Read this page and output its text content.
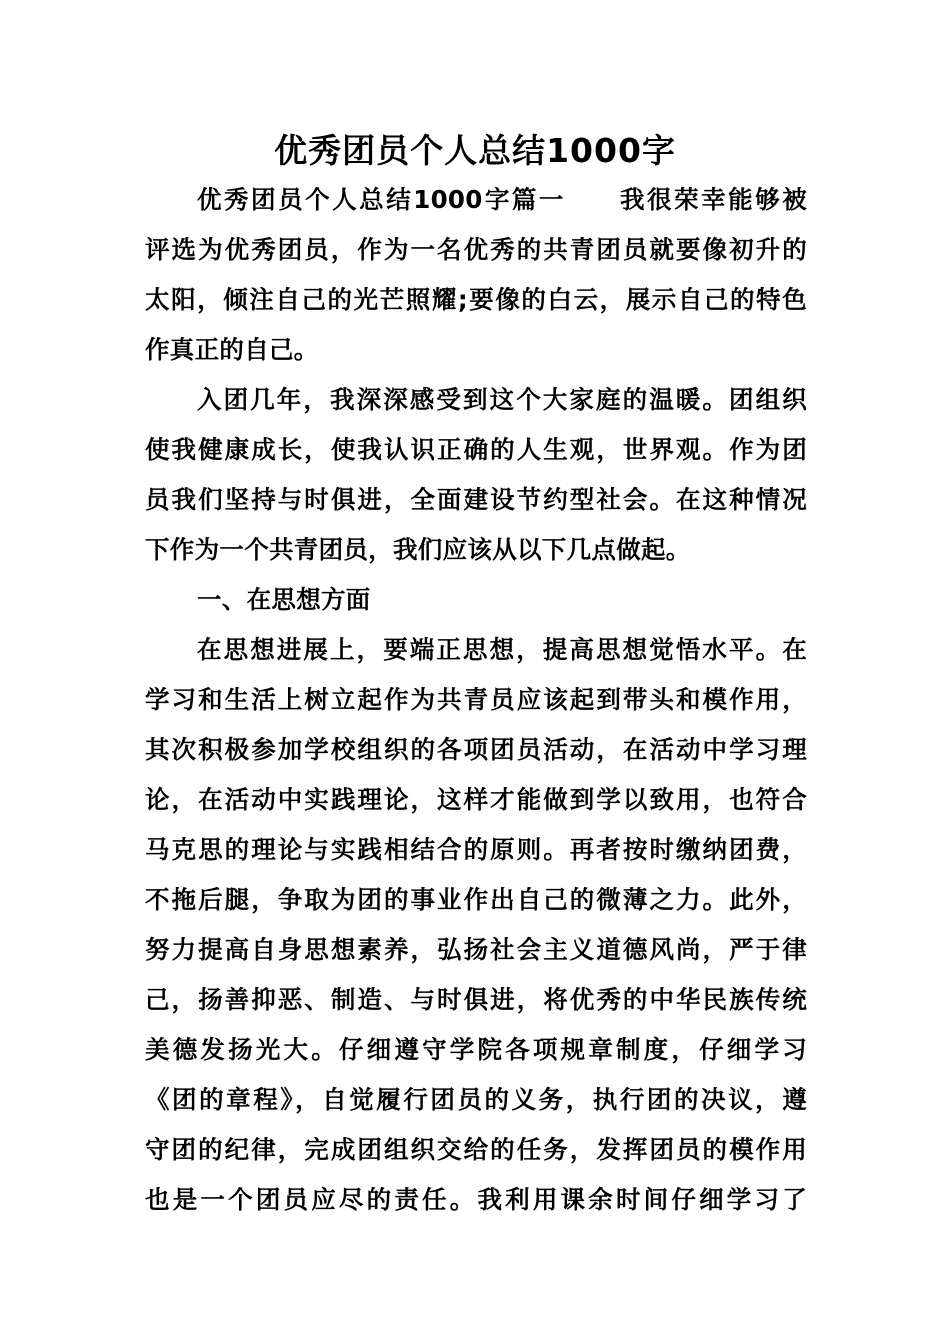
优秀团员个人总结1000字
优秀团员个人总结1000字篇一　　我很荣幸能够被
评选为优秀团员，作为一名优秀的共青团员就要像初升的
太阳，倾注自己的光芒照耀;要像的白云，展示自己的特色
作真正的自己。
入团几年，我深深感受到这个大家庭的温暖。团组织
使我健康成长，使我认识正确的人生观，世界观。作为团
员我们坚持与时俱进，全面建设节约型社会。在这种情况
下作为一个共青团员，我们应该从以下几点做起。
一、在思想方面
在思想进展上，要端正思想，提高思想觉悟水平。在
学习和生活上树立起作为共青员应该起到带头和模作用，
其次积极参加学校组织的各项团员活动，在活动中学习理
论，在活动中实践理论，这样才能做到学以致用，也符合
马克思的理论与实践相结合的原则。再者按时缴纳团费，
不拖后腿，争取为团的事业作出自己的微薄之力。此外，
努力提高自身思想素养，弘扬社会主义道德风尚，严于律
己，扬善抑恶、制造、与时俱进，将优秀的中华民族传统
美德发扬光大。仔细遵守学院各项规章制度，仔细学习
《团的章程》，自觉履行团员的义务，执行团的决议，遵
守团的纪律，完成团组织交给的任务，发挥团员的模作用
也是一个团员应尽的责任。我利用课余时间仔细学习了
